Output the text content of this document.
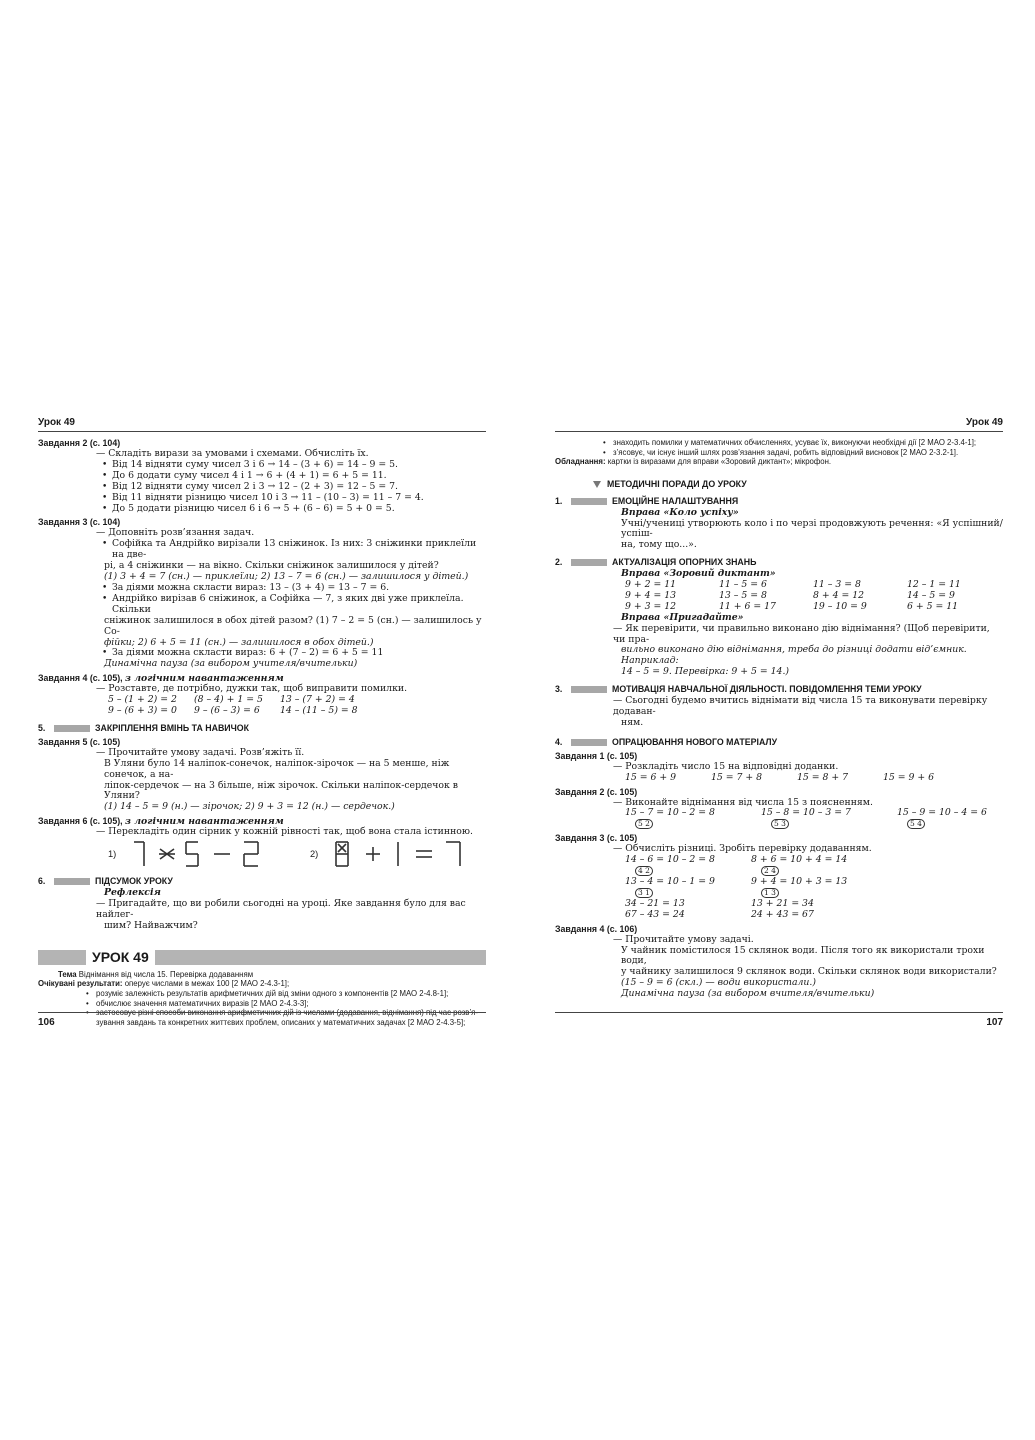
Урок 49
Завдання 2 (с. 104)
— Складіть вирази за умовами і схемами. Обчисліть їх.
• Від 14 відняти суму чисел 3 і 6 → 14 – (3 + 6) = 14 – 9 = 5.
• До 6 додати суму чисел 4 і 1 → 6 + (4 + 1) = 6 + 5 = 11.
• Від 12 відняти суму чисел 2 і 3 → 12 – (2 + 3) = 12 – 5 = 7.
• Від 11 відняти різницю чисел 10 і 3 → 11 – (10 – 3) = 11 – 7 = 4.
• До 5 додати різницю чисел 6 і 6 → 5 + (6 – 6) = 5 + 0 = 5.
Завдання 3 (с. 104)
— Доповніть розв’язання задач.
• Софійка та Андрійко вирізали 13 сніжинок. Із них: 3 сніжинки приклеїли на две-
рі, а 4 сніжинки — на вікно. Скільки сніжинок залишилося у дітей?
(1) 3 + 4 = 7 (сн.) — приклеїли; 2) 13 – 7 = 6 (сн.) — залишилося у дітей.)
• За діями можна скласти вираз: 13 – (3 + 4) = 13 – 7 = 6.
• Андрійко вирізав 6 сніжинок, а Софійка — 7, з яких дві уже приклеїла. Скільки
сніжинок залишилося в обох дітей разом? (1) 7 – 2 = 5 (сн.) — залишилось у Со-
фійки; 2) 6 + 5 = 11 (сн.) — залишилося в обох дітей.)
• За діями можна скласти вираз: 6 + (7 – 2) = 6 + 5 = 11
Динамічна пауза (за вибором учителя/вчительки)
Завдання 4 (с. 105), з логічним навантаженням
— Розставте, де потрібно, дужки так, щоб виправити помилки.
5 – (1 + 2) = 2	(8 – 4) + 1 = 5	13 – (7 + 2) = 4
9 – (6 + 3) = 0	9 – (6 – 3) = 6	14 – (11 – 5) = 8
5.	ЗАКРІПЛЕННЯ ВМІНЬ ТА НАВИЧОК
Завдання 5 (с. 105)
— Прочитайте умову задачі. Розв’яжіть її.
В Уляни було 14 наліпок-сонечок, наліпок-зірочок — на 5 менше, ніж сонечок, а на-
ліпок-сердечок — на 3 більше, ніж зірочок. Скільки наліпок-сердечок в Уляни?
(1) 14 – 5 = 9 (н.) — зірочок; 2) 9 + 3 = 12 (н.) — сердечок.)
Завдання 6 (с. 105), з логічним навантаженням
— Перекладіть один сірник у кожній рівності так, щоб вона стала істинною.
1)	2)
6.	ПІДСУМОК УРОКУ
Рефлексія
— Пригадайте, що ви робили сьогодні на уроці. Яке завдання було для вас найлег-
шим? Найважчим?
УРОК 49
Тема Віднімання від числа 15. Перевірка додаванням
Очікувані результати: оперує числами в межах 100 [2 МАО 2-4.3-1];
• розуміє залежність результатів арифметичних дій від зміни одного з компонентів [2 МАО 2-4.8-1];
• обчислює значення математичних виразів [2 МАО 2-4.3-3];
• застосовує різні способи виконання арифметичних дій із числами (додавання, віднімання) під час розв’я-
зування завдань та конкретних життєвих проблем, описаних у математичних задачах [2 МАО 2-4.3-5];
106
Урок 49
• знаходить помилки у математичних обчисленнях, усуває їх, виконуючи необхідні дії [2 МАО 2-3.4-1];
• з’ясовує, чи існує інший шлях розв’язання задачі, робить відповідний висновок [2 МАО 2-3.2-1].
Обладнання: картки із виразами для вправи «Зоровий диктант»; мікрофон.
МЕТОДИЧНІ ПОРАДИ ДО УРОКУ
1.	ЕМОЦІЙНЕ НАЛАШТУВАННЯ
Вправа «Коло успіху»
Учні/учениці утворюють коло і по черзі продовжують речення: «Я успішний/успіш-
на, тому що...».
2.	АКТУАЛІЗАЦІЯ ОПОРНИХ ЗНАНЬ
Вправа «Зоровий диктант»
9 + 2 = 11	11 – 5 = 6	11 – 3 = 8	12 – 1 = 11
9 + 4 = 13	13 – 5 = 8	8 + 4 = 12	14 – 5 = 9
9 + 3 = 12	11 + 6 = 17	19 – 10 = 9	6 + 5 = 11
Вправа «Пригадайте»
— Як перевірити, чи правильно виконано дію віднімання? (Щоб перевірити, чи пра-
вильно виконано дію віднімання, треба до різниці додати від’ємник. Наприклад:
14 – 5 = 9. Перевірка: 9 + 5 = 14.)
3.	МОТИВАЦІЯ НАВЧАЛЬНОЇ ДІЯЛЬНОСТІ. ПОВІДОМЛЕННЯ ТЕМИ УРОКУ
— Сьогодні будемо вчитись віднімати від числа 15 та виконувати перевірку додаван-
ням.
4.	ОПРАЦЮВАННЯ НОВОГО МАТЕРІАЛУ
Завдання 1 (с. 105)
— Розкладіть число 15 на відповідні доданки.
15 = 6 + 9	15 = 7 + 8	15 = 8 + 7	15 = 9 + 6
Завдання 2 (с. 105)
— Виконайте віднімання від числа 15 з поясненням.
15 – 7 = 10 – 2 = 8	15 – 8 = 10 – 3 = 7	15 – 9 = 10 – 4 = 6
5 2	5 3	5 4
Завдання 3 (с. 105)
— Обчисліть різниці. Зробіть перевірку додаванням.
14 – 6 = 10 – 2 = 8	8 + 6 = 10 + 4 = 14
4 2	2 4
13 – 4 = 10 – 1 = 9	9 + 4 = 10 + 3 = 13
3 1	1 3
34 – 21 = 13	13 + 21 = 34
67 – 43 = 24	24 + 43 = 67
Завдання 4 (с. 106)
— Прочитайте умову задачі.
У чайник помістилося 15 склянок води. Після того як використали трохи води,
у чайнику залишилося 9 склянок води. Скільки склянок води використали?
(15 – 9 = 6 (скл.) — води використали.)
Динамічна пауза (за вибором вчителя/вчительки)
107
